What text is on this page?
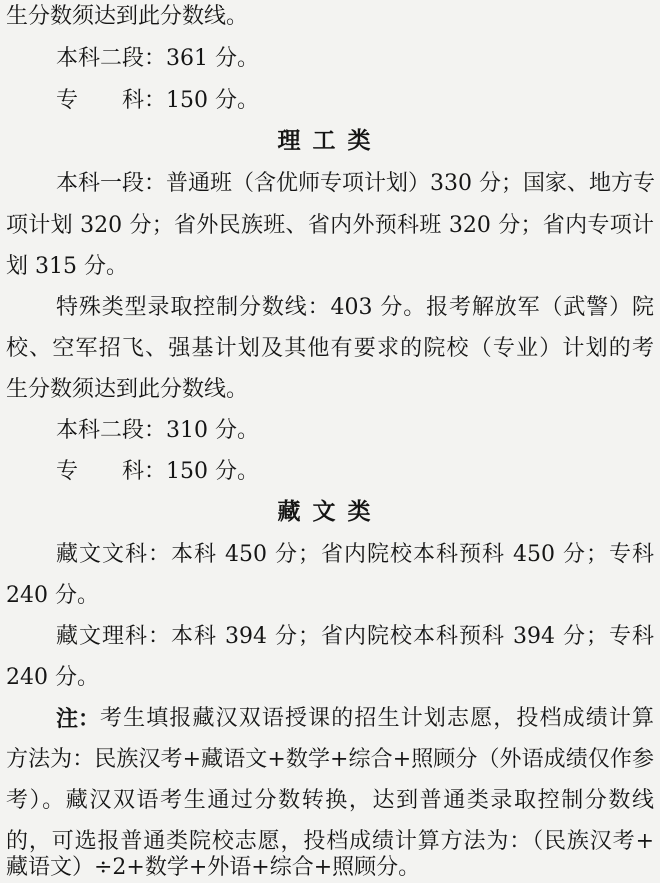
生分数须达到此分数线。
本科二段：361 分。
专　　科：150 分。
理工类
本科一段：普通班（含优师专项计划）330 分；国家、地方专
项计划 320 分；省外民族班、省内外预科班 320 分；省内专项计
划 315 分。
特殊类型录取控制分数线：403 分。报考解放军（武警）院
校、空军招飞、强基计划及其他有要求的院校（专业）计划的考
生分数须达到此分数线。
本科二段：310 分。
专　　科：150 分。
藏文类
藏文文科：本科 450 分；省内院校本科预科 450 分；专科
240 分。
藏文理科：本科 394 分；省内院校本科预科 394 分；专科
240 分。
注： 考生填报藏汉双语授课的招生计划志愿，投档成绩计算
方法为：民族汉考+藏语文+数学+综合+照顾分（外语成绩仅作参
考）。藏汉双语考生通过分数转换，达到普通类录取控制分数线
的，可选报普通类院校志愿，投档成绩计算方法为：（民族汉考+
藏语文）÷2+数学+外语+综合+照顾分。
